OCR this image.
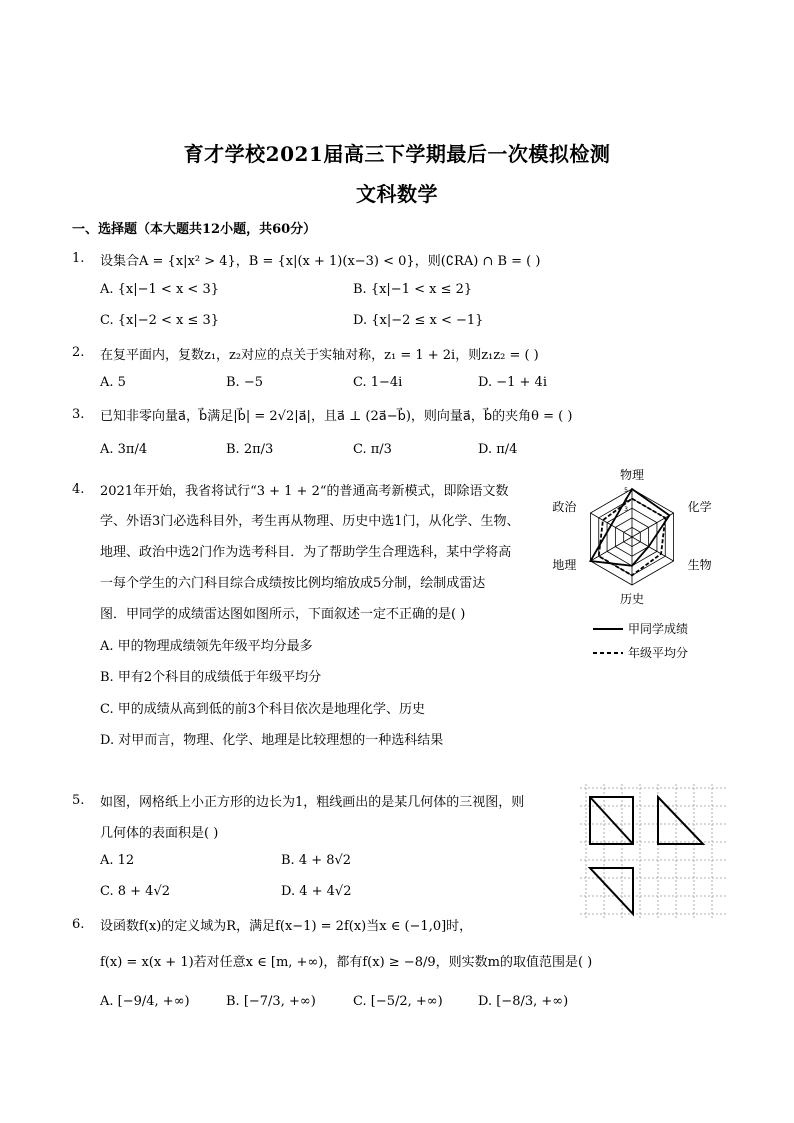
育才学校2021届高三下学期最后一次模拟检测
文科数学
一、选择题（本大题共12小题，共60分）
1. 设集合A = {x|x² > 4}，B = {x|(x + 1)(x−3) < 0}，则(∁RA) ∩ B = ( )
A. {x|−1 < x < 3}	B. {x|−1 < x ≤ 2}
C. {x|−2 < x ≤ 3}	D. {x|−2 ≤ x < −1}
2. 在复平面内，复数z₁，z₂对应的点关于实轴对称，z₁ = 1 + 2i，则z₁z₂ = ( )
A. 5	B. −5	C. 1−4i	D. −1 + 4i
3. 已知非零向量a⃗，b⃗满足|b⃗| = 2√2|a⃗|，且a⃗ ⊥ (2a⃗−b⃗)，则向量a⃗，b⃗的夹角θ = ( )
A. 3π/4	B. 2π/3	C. π/3	D. π/4
4. 2021年开始，我省将试行“3 + 1 + 2“的普通高考新模式，即除语文数
学、外语3门必选科目外，考生再从物理、历史中选1门，从化学、生物、
地理、政治中选2门作为选考科目．为了帮助学生合理选科，某中学将高
一每个学生的六门科目综合成绩按比例均缩放成5分制，绘制成雷达
图．甲同学的成绩雷达图如图所示，下面叙述一定不正确的是( )
A. 甲的物理成绩领先年级平均分最多
B. 甲有2个科目的成绩低于年级平均分
C. 甲的成绩从高到低的前3个科目依次是地理化学、历史
D. 对甲而言，物理、化学、地理是比较理想的一种选科结果
物理
化学
生物
历史
地理
政治
5
4
3
甲同学成绩
年级平均分
5. 如图，网格纸上小正方形的边长为1，粗线画出的是某几何体的三视图，则
几何体的表面积是( )
A. 12	B. 4 + 8√2
C. 8 + 4√2	D. 4 + 4√2
6. 设函数f(x)的定义域为R，满足f(x−1) = 2f(x)当x ∈ (−1,0]时，
f(x) = x(x + 1)若对任意x ∈ [m, +∞)，都有f(x) ≥ −8/9，则实数m的取值范围是( )
A. [−9/4, +∞)	B. [−7/3, +∞)	C. [−5/2, +∞)	D. [−8/3, +∞)
